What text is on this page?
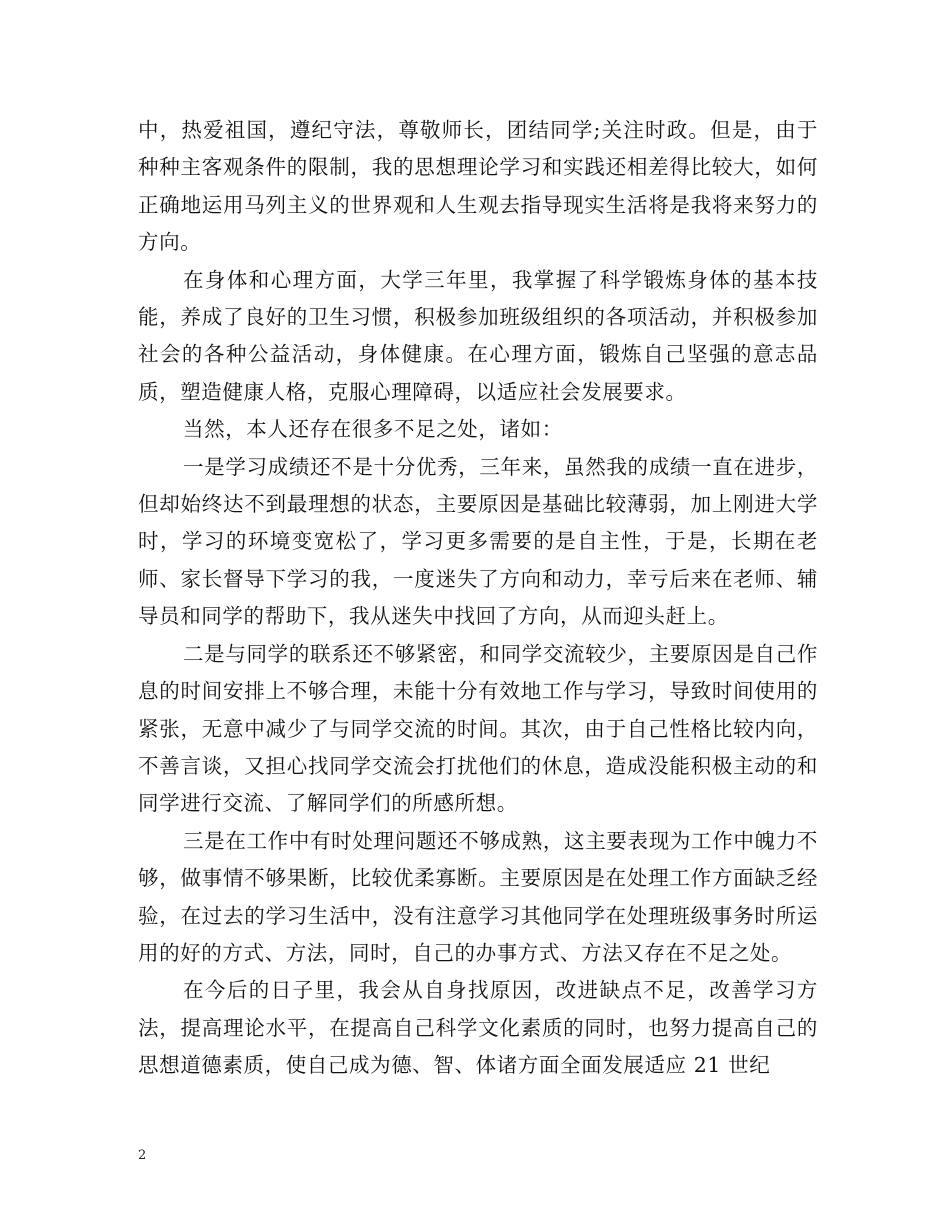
中，热爱祖国，遵纪守法，尊敬师长，团结同学;关注时政。但是，由于种种主客观条件的限制，我的思想理论学习和实践还相差得比较大，如何正确地运用马列主义的世界观和人生观去指导现实生活将是我将来努力的方向。

在身体和心理方面，大学三年里，我掌握了科学锻炼身体的基本技能，养成了良好的卫生习惯，积极参加班级组织的各项活动，并积极参加社会的各种公益活动，身体健康。在心理方面，锻炼自己坚强的意志品质，塑造健康人格，克服心理障碍，以适应社会发展要求。

当然，本人还存在很多不足之处，诸如：

一是学习成绩还不是十分优秀，三年来，虽然我的成绩一直在进步，但却始终达不到最理想的状态，主要原因是基础比较薄弱，加上刚进大学时，学习的环境变宽松了，学习更多需要的是自主性，于是，长期在老师、家长督导下学习的我，一度迷失了方向和动力，幸亏后来在老师、辅导员和同学的帮助下，我从迷失中找回了方向，从而迎头赶上。

二是与同学的联系还不够紧密，和同学交流较少，主要原因是自己作息的时间安排上不够合理，未能十分有效地工作与学习，导致时间使用的紧张，无意中减少了与同学交流的时间。其次，由于自己性格比较内向，不善言谈，又担心找同学交流会打扰他们的休息，造成没能积极主动的和同学进行交流、了解同学们的所感所想。

三是在工作中有时处理问题还不够成熟，这主要表现为工作中魄力不够，做事情不够果断，比较优柔寡断。主要原因是在处理工作方面缺乏经验，在过去的学习生活中，没有注意学习其他同学在处理班级事务时所运用的好的方式、方法，同时，自己的办事方式、方法又存在不足之处。

在今后的日子里，我会从自身找原因，改进缺点不足，改善学习方法，提高理论水平，在提高自己科学文化素质的同时，也努力提高自己的思想道德素质，使自己成为德、智、体诸方面全面发展适应 21 世纪

2
